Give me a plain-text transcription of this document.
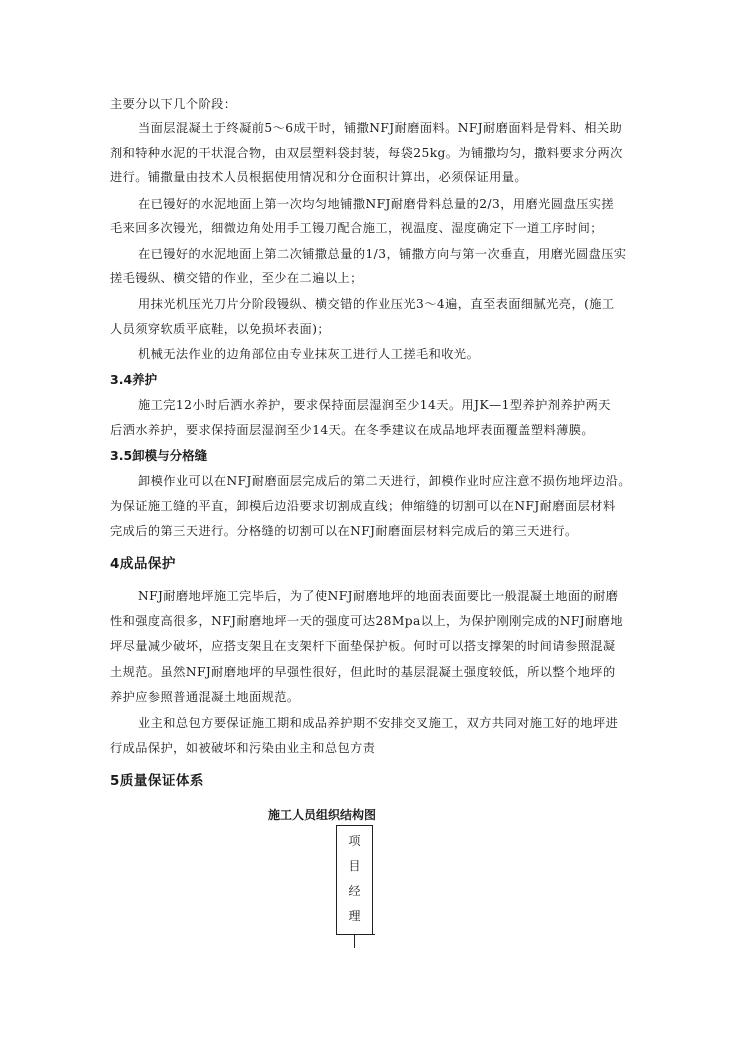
主要分以下几个阶段：
当面层混凝土于终凝前5～6成干时，铺撒NFJ耐磨面料。NFJ耐磨面料是骨料、相关助
剂和特种水泥的干状混合物，由双层塑料袋封装，每袋25kg。为铺撒均匀，撒料要求分两次
进行。铺撒量由技术人员根据使用情况和分仓面积计算出，必须保证用量。
在已镘好的水泥地面上第一次均匀地铺撒NFJ耐磨骨料总量的2/3，用磨光圆盘压实搓
毛来回多次镘光，细微边角处用手工镘刀配合施工，视温度、湿度确定下一道工序时间；
在已镘好的水泥地面上第二次铺撒总量的1/3，铺撒方向与第一次垂直，用磨光圆盘压实
搓毛镘纵、横交错的作业，至少在二遍以上；
用抹光机压光刀片分阶段镘纵、横交错的作业压光3～4遍，直至表面细腻光亮，(施工
人员须穿软质平底鞋，以免损坏表面)；
机械无法作业的边角部位由专业抹灰工进行人工搓毛和收光。
3.4养护
施工完12小时后洒水养护，要求保持面层湿润至少14天。用JK—1型养护剂养护两天
后洒水养护，要求保持面层湿润至少14天。在冬季建议在成品地坪表面覆盖塑料薄膜。
3.5卸模与分格缝
卸模作业可以在NFJ耐磨面层完成后的第二天进行，卸模作业时应注意不损伤地坪边沿。
为保证施工缝的平直，卸模后边沿要求切割成直线；伸缩缝的切割可以在NFJ耐磨面层材料
完成后的第三天进行。分格缝的切割可以在NFJ耐磨面层材料完成后的第三天进行。
4成品保护
NFJ耐磨地坪施工完毕后，为了使NFJ耐磨地坪的地面表面要比一般混凝土地面的耐磨
性和强度高很多，NFJ耐磨地坪一天的强度可达28Mpa以上，为保护刚刚完成的NFJ耐磨地
坪尽量减少破坏，应搭支架且在支架杆下面垫保护板。何时可以搭支撑架的时间请参照混凝
土规范。虽然NFJ耐磨地坪的早强性很好，但此时的基层混凝土强度较低，所以整个地坪的
养护应参照普通混凝土地面规范。
业主和总包方要保证施工期和成品养护期不安排交叉施工，双方共同对施工好的地坪进
行成品保护，如被破坏和污染由业主和总包方责
5质量保证体系
施工人员组织结构图
项
目
经
理
